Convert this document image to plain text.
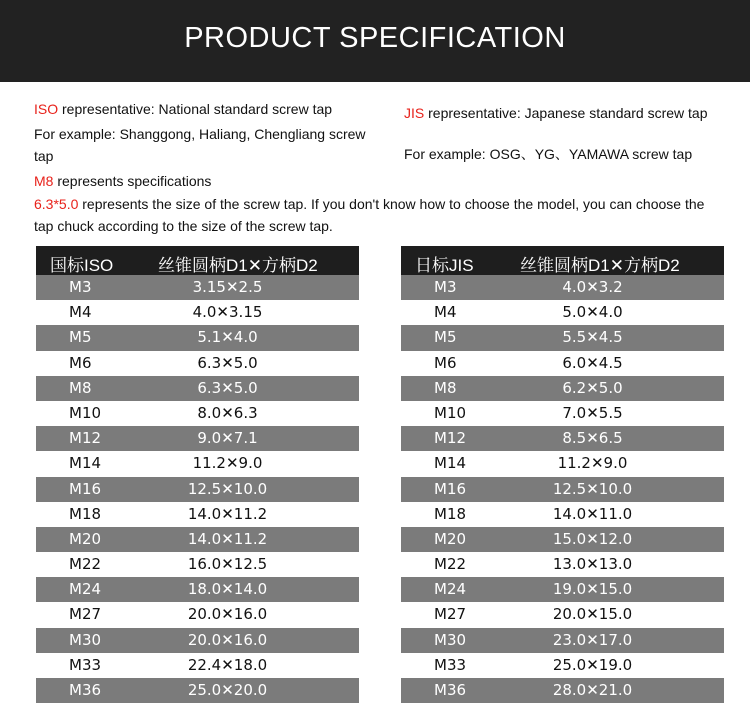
PRODUCT SPECIFICATION

ISO representative: National standard screw tap

For example: Shanggong, Haliang, Chengliang screw tap

M8 represents specifications

JIS representative: Japanese standard screw tap

For example: OSG、YG、YAMAWA screw tap

6.3*5.0 represents the size of the screw tap. If you don't know how to choose the model, you can choose the tap chuck according to the size of the screw tap.

国标ISO	丝锥圆柄D1✕方柄D2
M3	3.15✕2.5
M4	4.0✕3.15
M5	5.1✕4.0
M6	6.3✕5.0
M8	6.3✕5.0
M10	8.0✕6.3
M12	9.0✕7.1
M14	11.2✕9.0
M16	12.5✕10.0
M18	14.0✕11.2
M20	14.0✕11.2
M22	16.0✕12.5
M24	18.0✕14.0
M27	20.0✕16.0
M30	20.0✕16.0
M33	22.4✕18.0
M36	25.0✕20.0
日标JIS	丝锥圆柄D1✕方柄D2
M3	4.0✕3.2
M4	5.0✕4.0
M5	5.5✕4.5
M6	6.0✕4.5
M8	6.2✕5.0
M10	7.0✕5.5
M12	8.5✕6.5
M14	11.2✕9.0
M16	12.5✕10.0
M18	14.0✕11.0
M20	15.0✕12.0
M22	13.0✕13.0
M24	19.0✕15.0
M27	20.0✕15.0
M30	23.0✕17.0
M33	25.0✕19.0
M36	28.0✕21.0
